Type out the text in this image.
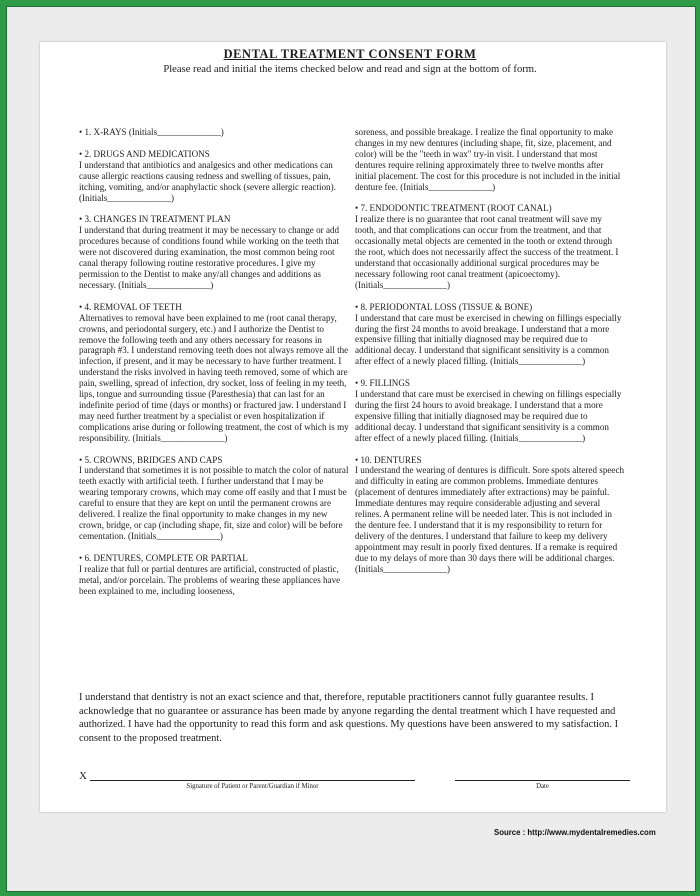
DENTAL TREATMENT CONSENT FORM
Please read and initial the items checked below and read and sign at the bottom of form.
• 1. X-RAYS (Initials______________)
• 2. DRUGS AND MEDICATIONS

I understand that antibiotics and analgesics and other medications can cause allergic reactions causing redness and swelling of tissues, pain, itching, vomiting, and/or anaphylactic shock (severe allergic reaction). (Initials______________)

• 3. CHANGES IN TREATMENT PLAN

I understand that during treatment it may be necessary to change or add procedures because of conditions found while working on the teeth that were not discovered during examination, the most common being root canal therapy following routine restorative procedures. I give my permission to the Dentist to make any/all changes and additions as necessary. (Initials______________)

• 4. REMOVAL OF TEETH

Alternatives to removal have been explained to me (root canal therapy, crowns, and periodontal surgery, etc.) and I authorize the Dentist to remove the following teeth and any others necessary for reasons in paragraph #3. I understand removing teeth does not always remove all the infection, if present, and it may be necessary to have further treatment. I understand the risks involved in having teeth removed, some of which are pain, swelling, spread of infection, dry socket, loss of feeling in my teeth, lips, tongue and surrounding tissue (Paresthesia) that can last for an indefinite period of time (days or months) or fractured jaw. I understand I may need further treatment by a specialist or even hospitalization if complications arise during or following treatment, the cost of which is my responsibility. (Initials______________)

• 5. CROWNS, BRIDGES AND CAPS

I understand that sometimes it is not possible to match the color of natural teeth exactly with artificial teeth. I further understand that I may be wearing temporary crowns, which may come off easily and that I must be careful to ensure that they are kept on until the permanent crowns are delivered. I realize the final opportunity to make changes in my new crown, bridge, or cap (including shape, fit, size and color) will be before cementation. (Initials______________)

• 6. DENTURES, COMPLETE OR PARTIAL

I realize that full or partial dentures are artificial, constructed of plastic, metal, and/or porcelain. The problems of wearing these appliances have been explained to me, including looseness,

soreness, and possible breakage. I realize the final opportunity to make changes in my new dentures (including shape, fit, size, placement, and color) will be the "teeth in wax" try-in visit. I understand that most dentures require relining approximately three to twelve months after initial placement. The cost for this procedure is not included in the initial denture fee. (Initials______________)

• 7. ENDODONTIC TREATMENT (ROOT CANAL)

I realize there is no guarantee that root canal treatment will save my tooth, and that complications can occur from the treatment, and that occasionally metal objects are cemented in the tooth or extend through the root, which does not necessarily affect the success of the treatment. I understand that occasionally additional surgical procedures may be necessary following root canal treatment (apicoectomy). (Initials______________)

• 8. PERIODONTAL LOSS (TISSUE & BONE)

I understand that care must be exercised in chewing on fillings especially during the first 24 months to avoid breakage. I understand that a more expensive filling that initially diagnosed may be required due to additional decay. I understand that significant sensitivity is a common after effect of a newly placed filling. (Initials______________)

• 9. FILLINGS

I understand that care must be exercised in chewing on fillings especially during the first 24 hours to avoid breakage. I understand that a more expensive filling that initially diagnosed may be required due to additional decay. I understand that significant sensitivity is a common after effect of a newly placed filling. (Initials______________)

• 10. DENTURES

I understand the wearing of dentures is difficult. Sore spots altered speech and difficulty in eating are common problems. Immediate dentures (placement of dentures immediately after extractions) may be painful. Immediate dentures may require considerable adjusting and several relines. A permanent reline will be needed later. This is not included in the denture fee. I understand that it is my responsibility to return for delivery of the dentures. I understand that failure to keep my delivery appointment may result in poorly fixed dentures. If a remake is required due to my delays of more than 30 days there will be additional charges. (Initials______________)

I understand that dentistry is not an exact science and that, therefore, reputable practitioners cannot fully guarantee results. I acknowledge that no guarantee or assurance has been made by anyone regarding the dental treatment which I have requested and authorized. I have had the opportunity to read this form and ask questions. My questions have been answered to my satisfaction. I consent to the proposed treatment.
X
Signature of Patient or Parent/Guardian if Minor	Date
Source : http://www.mydentalremedies.com
